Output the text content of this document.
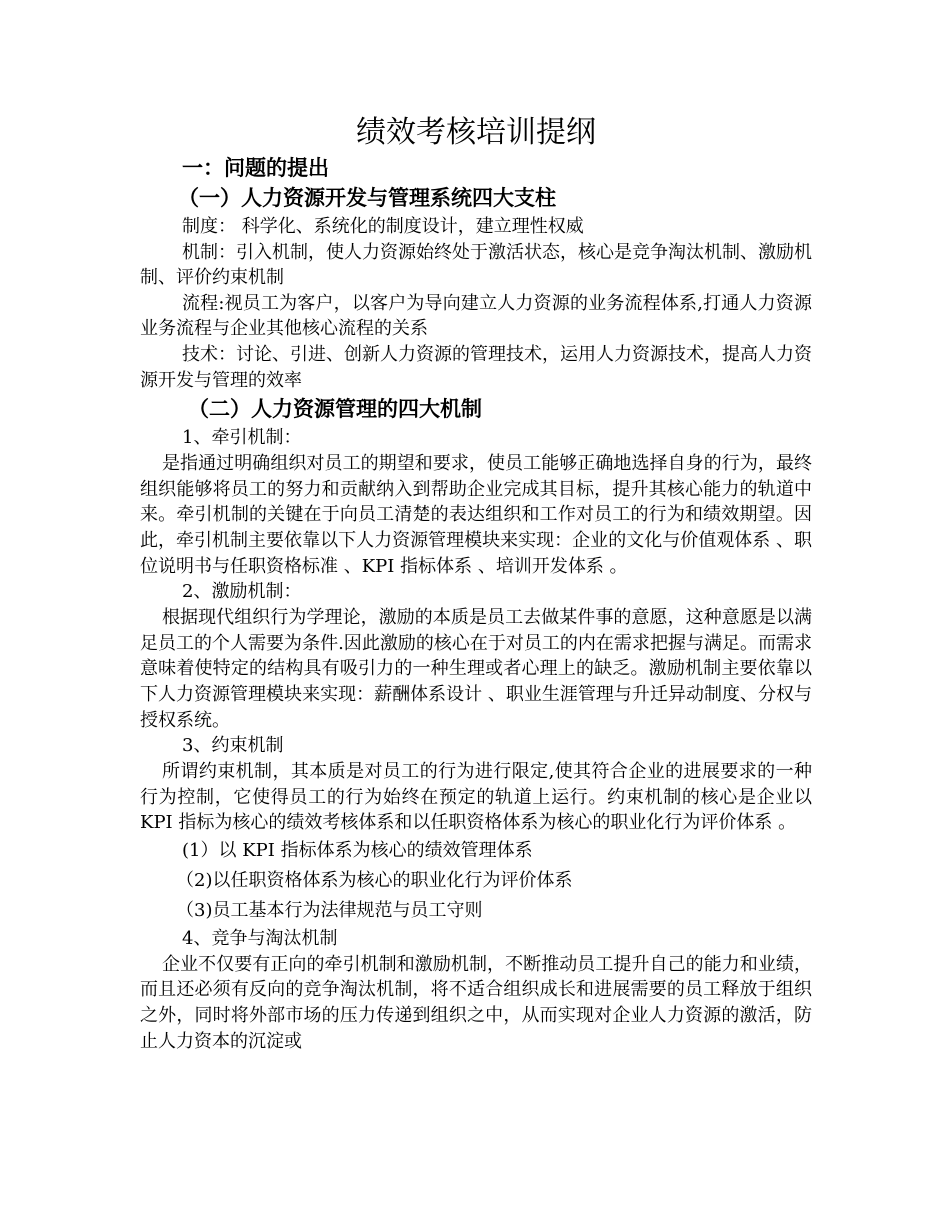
绩效考核培训提纲
一：问题的提出
（一）人力资源开发与管理系统四大支柱

制度： 科学化、系统化的制度设计，建立理性权威

机制：引入机制，使人力资源始终处于激活状态，核心是竞争淘汰机制、激励机制、评价约束机制

流程:视员工为客户，以客户为导向建立人力资源的业务流程体系,打通人力资源业务流程与企业其他核心流程的关系

技术：讨论、引进、创新人力资源的管理技术，运用人力资源技术，提高人力资源开发与管理的效率

（二）人力资源管理的四大机制

1、牵引机制：

是指通过明确组织对员工的期望和要求，使员工能够正确地选择自身的行为，最终组织能够将员工的努力和贡献纳入到帮助企业完成其目标，提升其核心能力的轨道中来。牵引机制的关键在于向员工清楚的表达组织和工作对员工的行为和绩效期望。因此，牵引机制主要依靠以下人力资源管理模块来实现：企业的文化与价值观体系 、职位说明书与任职资格标准 、KPI 指标体系 、培训开发体系 。

2、激励机制：

根据现代组织行为学理论，激励的本质是员工去做某件事的意愿，这种意愿是以满足员工的个人需要为条件.因此激励的核心在于对员工的内在需求把握与满足。而需求意味着使特定的结构具有吸引力的一种生理或者心理上的缺乏。激励机制主要依靠以下人力资源管理模块来实现：薪酬体系设计 、职业生涯管理与升迁异动制度、分权与授权系统。

3、约束机制

所谓约束机制，其本质是对员工的行为进行限定,使其符合企业的进展要求的一种行为控制，它使得员工的行为始终在预定的轨道上运行。约束机制的核心是企业以 KPI 指标为核心的绩效考核体系和以任职资格体系为核心的职业化行为评价体系 。

(1）以 KPI 指标体系为核心的绩效管理体系

（2)以任职资格体系为核心的职业化行为评价体系

（3)员工基本行为法律规范与员工守则

4、竞争与淘汰机制

企业不仅要有正向的牵引机制和激励机制，不断推动员工提升自己的能力和业绩，而且还必须有反向的竞争淘汰机制，将不适合组织成长和进展需要的员工释放于组织之外，同时将外部市场的压力传递到组织之中，从而实现对企业人力资源的激活，防止人力资本的沉淀或
